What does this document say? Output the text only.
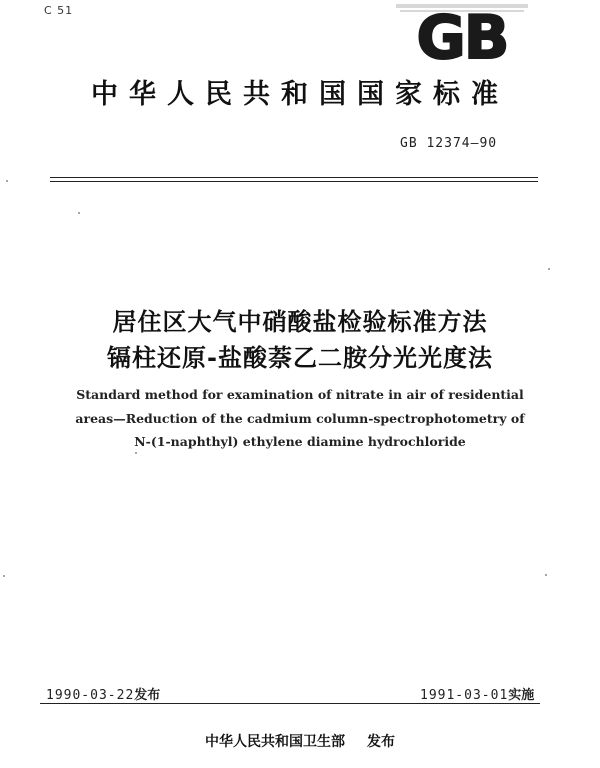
C 51	GB
中华人民共和国国家标准
GB 12374—90
居住区大气中硝酸盐检验标准方法
镉柱还原-盐酸萘乙二胺分光光度法
Standard method for examination of nitrate in air of residential
areas—Reduction of the cadmium column-spectrophotometry of
N-(1-naphthyl) ethylene diamine hydrochloride
1990-03-22发布	1991-03-01实施
中华人民共和国卫生部 发布
